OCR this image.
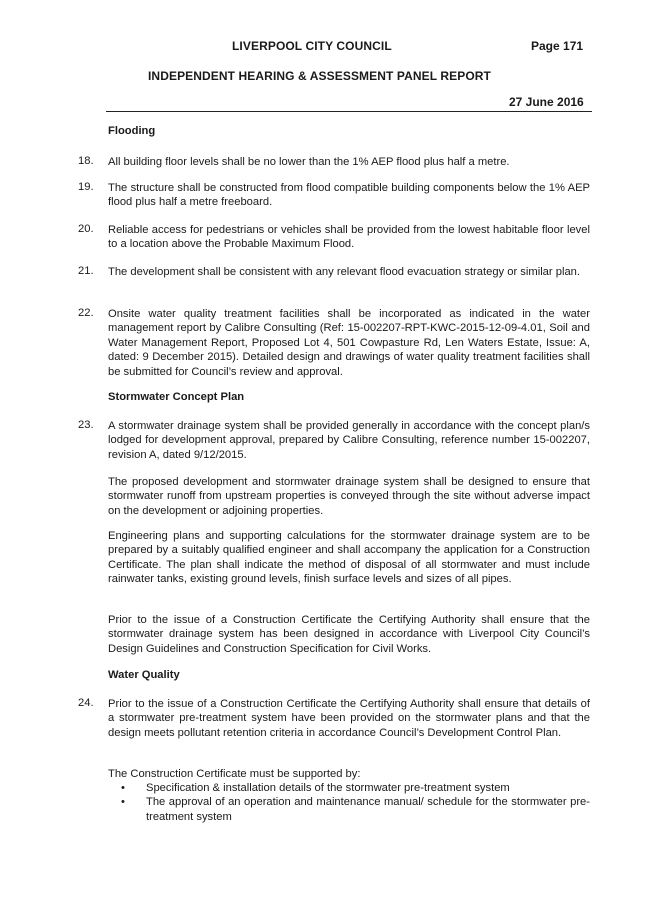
LIVERPOOL CITY COUNCIL	Page 171
INDEPENDENT HEARING & ASSESSMENT PANEL REPORT
27 June 2016
Flooding
18. All building floor levels shall be no lower than the 1% AEP flood plus half a metre.
19. The structure shall be constructed from flood compatible building components below the 1% AEP flood plus half a metre freeboard.
20. Reliable access for pedestrians or vehicles shall be provided from the lowest habitable floor level to a location above the Probable Maximum Flood.
21. The development shall be consistent with any relevant flood evacuation strategy or similar plan.
22. Onsite water quality treatment facilities shall be incorporated as indicated in the water management report by Calibre Consulting (Ref: 15-002207-RPT-KWC-2015-12-09-4.01, Soil and Water Management Report, Proposed Lot 4, 501 Cowpasture Rd, Len Waters Estate, Issue: A, dated: 9 December 2015). Detailed design and drawings of water quality treatment facilities shall be submitted for Council’s review and approval.
Stormwater Concept Plan
23. A stormwater drainage system shall be provided generally in accordance with the concept plan/s lodged for development approval, prepared by Calibre Consulting, reference number 15-002207, revision A, dated 9/12/2015.
The proposed development and stormwater drainage system shall be designed to ensure that stormwater runoff from upstream properties is conveyed through the site without adverse impact on the development or adjoining properties.
Engineering plans and supporting calculations for the stormwater drainage system are to be prepared by a suitably qualified engineer and shall accompany the application for a Construction Certificate. The plan shall indicate the method of disposal of all stormwater and must include rainwater tanks, existing ground levels, finish surface levels and sizes of all pipes.
Prior to the issue of a Construction Certificate the Certifying Authority shall ensure that the stormwater drainage system has been designed in accordance with Liverpool City Council’s Design Guidelines and Construction Specification for Civil Works.
Water Quality
24. Prior to the issue of a Construction Certificate the Certifying Authority shall ensure that details of a stormwater pre-treatment system have been provided on the stormwater plans and that the design meets pollutant retention criteria in accordance Council’s Development Control Plan.
The Construction Certificate must be supported by:
• Specification & installation details of the stormwater pre-treatment system
• The approval of an operation and maintenance manual/ schedule for the stormwater pre-treatment system
